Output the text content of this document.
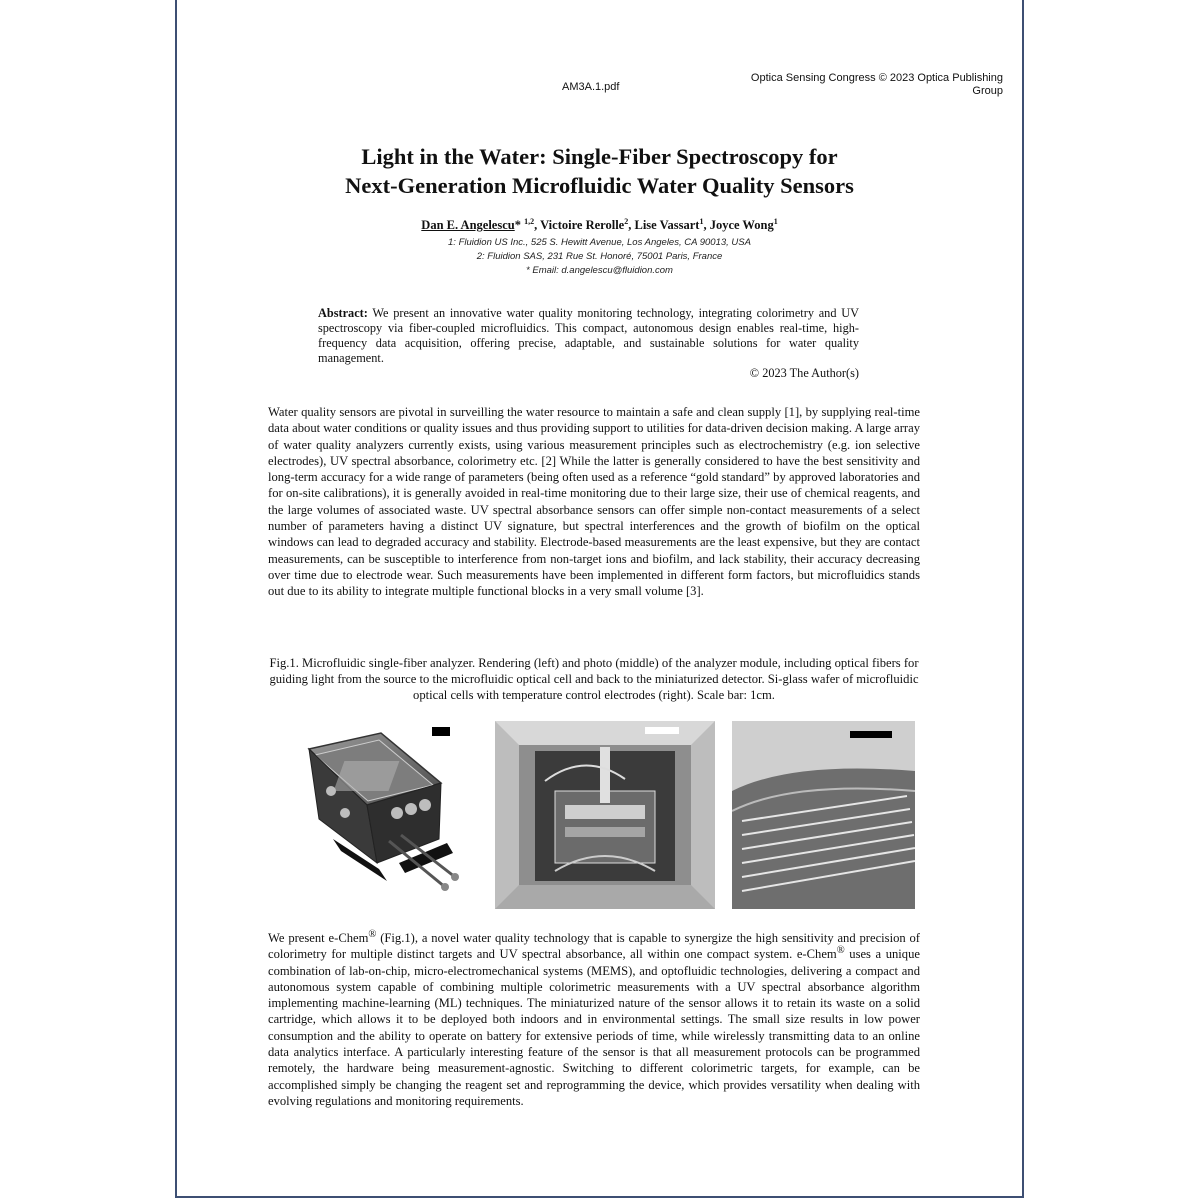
AM3A.1.pdf
Optica Sensing Congress © 2023 Optica Publishing
Group
Light in the Water: Single-Fiber Spectroscopy for
Next-Generation Microfluidic Water Quality Sensors
Dan E. Angelescu* $^{1,2}$, Victoire Rerolle$^2$, Lise Vassart$^1$, Joyce Wong$^1$
1: Fluidion US Inc., 525 S. Hewitt Avenue, Los Angeles, CA 90013, USA
2: Fluidion SAS, 231 Rue St. Honoré, 75001 Paris, France
* Email: d.angelescu@fluidion.com
Abstract: We present an innovative water quality monitoring technology, integrating colorimetry and UV spectroscopy via fiber-coupled microfluidics. This compact, autonomous design enables real-time, high-frequency data acquisition, offering precise, adaptable, and sustainable solutions for water quality management.
© 2023 The Author(s)
Water quality sensors are pivotal in surveilling the water resource to maintain a safe and clean supply [1], by supplying real-time data about water conditions or quality issues and thus providing support to utilities for data-driven decision making. A large array of water quality analyzers currently exists, using various measurement principles such as electrochemistry (e.g. ion selective electrodes), UV spectral absorbance, colorimetry etc. [2] While the latter is generally considered to have the best sensitivity and long-term accuracy for a wide range of parameters (being often used as a reference “gold standard” by approved laboratories and for on-site calibrations), it is generally avoided in real-time monitoring due to their large size, their use of chemical reagents, and the large volumes of associated waste. UV spectral absorbance sensors can offer simple non-contact measurements of a select number of parameters having a distinct UV signature, but spectral interferences and the growth of biofilm on the optical windows can lead to degraded accuracy and stability. Electrode-based measurements are the least expensive, but they are contact measurements, can be susceptible to interference from non-target ions and biofilm, and lack stability, their accuracy decreasing over time due to electrode wear. Such measurements have been implemented in different form factors, but microfluidics stands out due to its ability to integrate multiple functional blocks in a very small volume [3].
Fig.1. Microfluidic single-fiber analyzer. Rendering (left) and photo (middle) of the analyzer module, including optical fibers for guiding light from the source to the microfluidic optical cell and back to the miniaturized detector. Si-glass wafer of microfluidic optical cells with temperature control electrodes (right). Scale bar: 1cm.
We present e-Chem® (Fig.1), a novel water quality technology that is capable to synergize the high sensitivity and precision of colorimetry for multiple distinct targets and UV spectral absorbance, all within one compact system. e-Chem® uses a unique combination of lab-on-chip, micro-electromechanical systems (MEMS), and optofluidic technologies, delivering a compact and autonomous system capable of combining multiple colorimetric measurements with a UV spectral absorbance algorithm implementing machine-learning (ML) techniques. The miniaturized nature of the sensor allows it to retain its waste on a solid cartridge, which allows it to be deployed both indoors and in environmental settings. The small size results in low power consumption and the ability to operate on battery for extensive periods of time, while wirelessly transmitting data to an online data analytics interface. A particularly interesting feature of the sensor is that all measurement protocols can be programmed remotely, the hardware being measurement-agnostic. Switching to different colorimetric targets, for example, can be accomplished simply be changing the reagent set and reprogramming the device, which provides versatility when dealing with evolving regulations and monitoring requirements.
